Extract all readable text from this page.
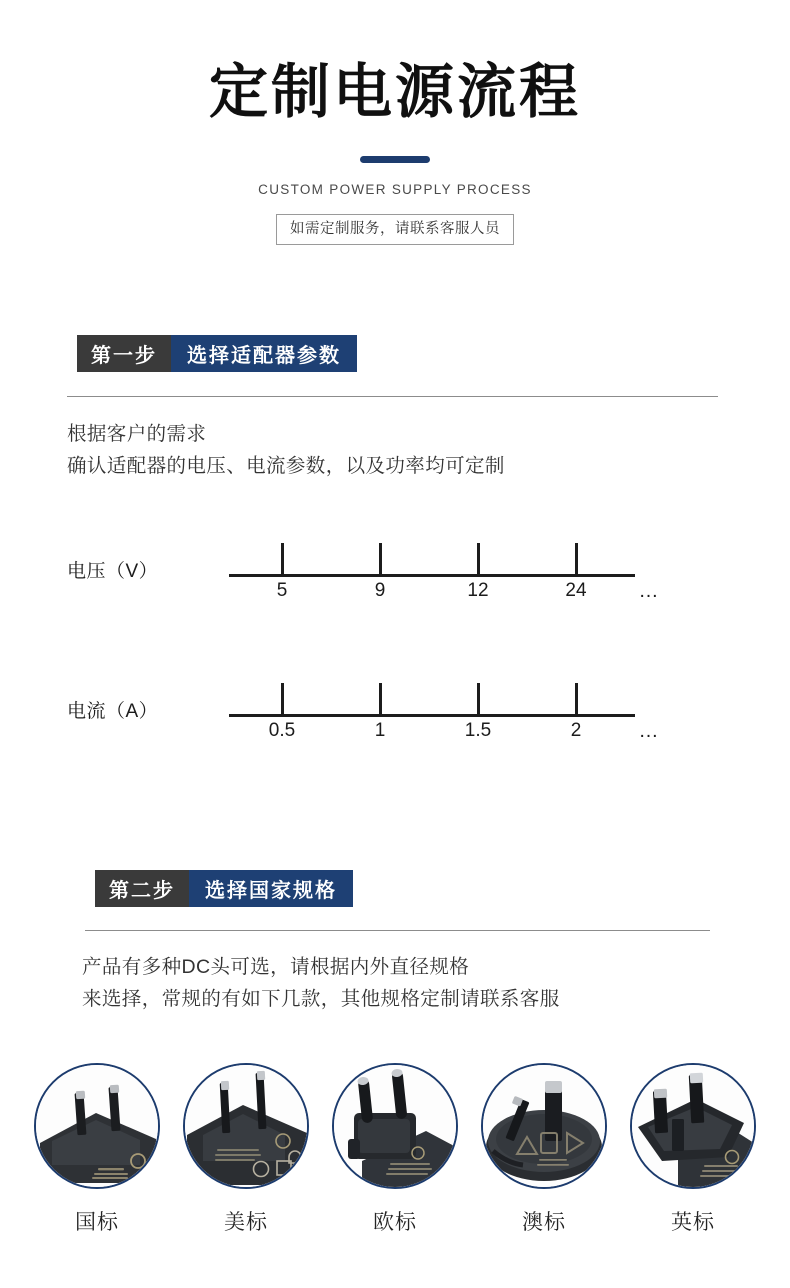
定制电源流程
CUSTOM POWER SUPPLY PROCESS
如需定制服务，请联系客服人员
第一步	选择适配器参数
根据客户的需求
确认适配器的电压、电流参数，以及功率均可定制
电压（V）
5	9	12	24	…
电流（A）
0.5	1	1.5	2	…
第二步	选择国家规格
产品有多种DC头可选，请根据内外直径规格
来选择，常规的有如下几款，其他规格定制请联系客服
国标	美标	欧标	澳标	英标
